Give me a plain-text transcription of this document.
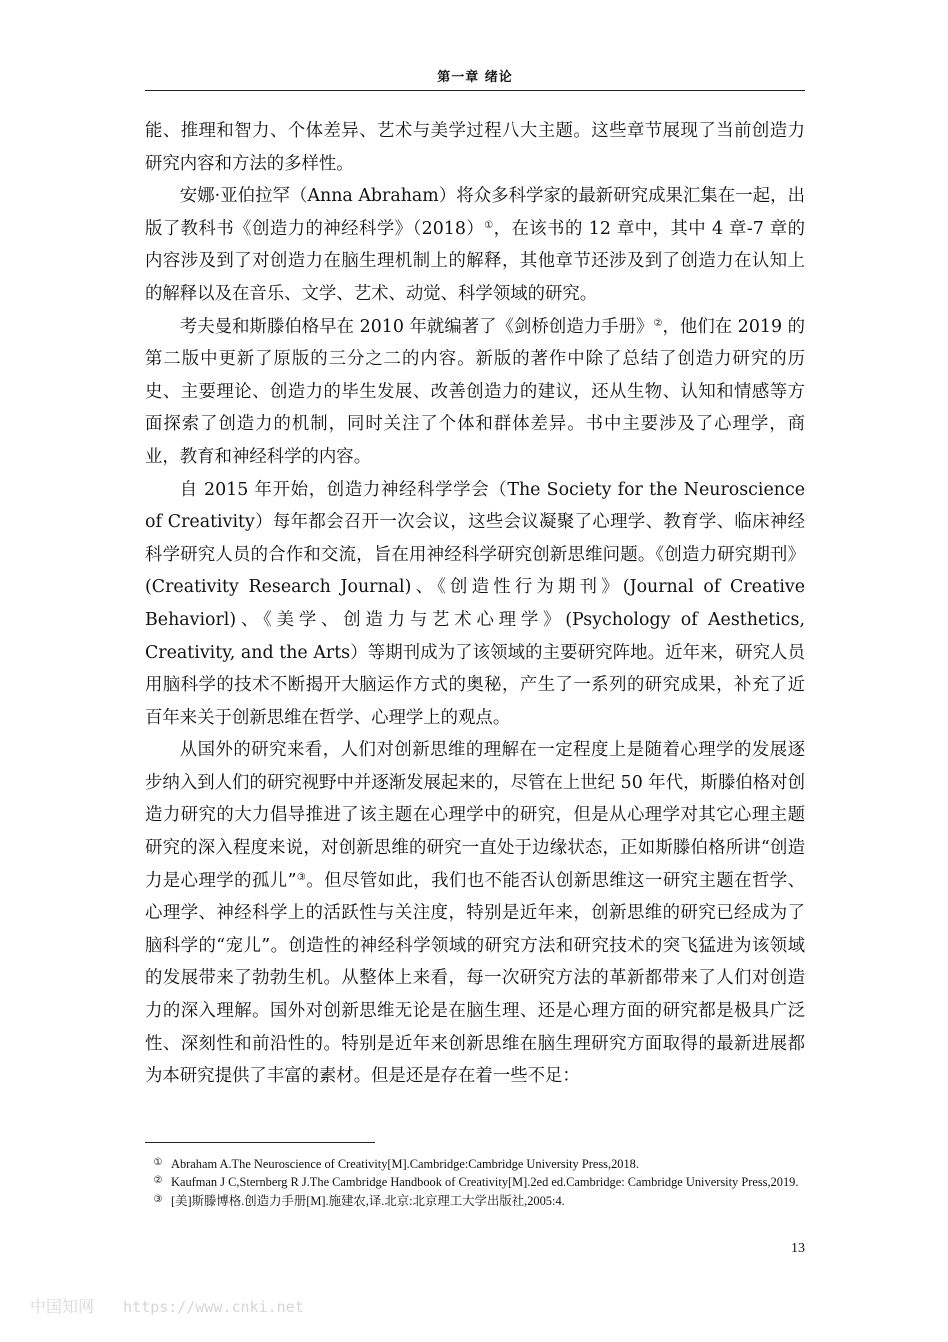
第一章 绪论

能、推理和智力、个体差异、艺术与美学过程八大主题。这些章节展现了当前创造力研究内容和方法的多样性。

安娜·亚伯拉罕（Anna Abraham）将众多科学家的最新研究成果汇集在一起，出版了教科书《创造力的神经科学》（2018）①，在该书的 12 章中，其中 4 章-7 章的内容涉及到了对创造力在脑生理机制上的解释，其他章节还涉及到了创造力在认知上的解释以及在音乐、文学、艺术、动觉、科学领域的研究。

考夫曼和斯滕伯格早在 2010 年就编著了《剑桥创造力手册》②，他们在 2019 的第二版中更新了原版的三分之二的内容。新版的著作中除了总结了创造力研究的历史、主要理论、创造力的毕生发展、改善创造力的建议，还从生物、认知和情感等方面探索了创造力的机制，同时关注了个体和群体差异。书中主要涉及了心理学，商业，教育和神经科学的内容。

自 2015 年开始，创造力神经科学学会（The Society for the Neuroscience of Creativity）每年都会召开一次会议，这些会议凝聚了心理学、教育学、临床神经科学研究人员的合作和交流，旨在用神经科学研究创新思维问题。《创造力研究期刊》(Creativity Research Journal)、《创造性行为期刊》(Journal of Creative Behaviorl)、《美学、创造力与艺术心理学》(Psychology of Aesthetics, Creativity, and the Arts）等期刊成为了该领域的主要研究阵地。近年来，研究人员用脑科学的技术不断揭开大脑运作方式的奥秘，产生了一系列的研究成果，补充了近百年来关于创新思维在哲学、心理学上的观点。

从国外的研究来看，人们对创新思维的理解在一定程度上是随着心理学的发展逐步纳入到人们的研究视野中并逐渐发展起来的，尽管在上世纪 50 年代，斯滕伯格对创造力研究的大力倡导推进了该主题在心理学中的研究，但是从心理学对其它心理主题研究的深入程度来说，对创新思维的研究一直处于边缘状态，正如斯滕伯格所讲“创造力是心理学的孤儿”③。但尽管如此，我们也不能否认创新思维这一研究主题在哲学、心理学、神经科学上的活跃性与关注度，特别是近年来，创新思维的研究已经成为了脑科学的“宠儿”。创造性的神经科学领域的研究方法和研究技术的突飞猛进为该领域的发展带来了勃勃生机。从整体上来看，每一次研究方法的革新都带来了人们对创造力的深入理解。国外对创新思维无论是在脑生理、还是心理方面的研究都是极具广泛性、深刻性和前沿性的。特别是近年来创新思维在脑生理研究方面取得的最新进展都为本研究提供了丰富的素材。但是还是存在着一些不足：

① Abraham A.The Neuroscience of Creativity[M].Cambridge:Cambridge University Press,2018.

② Kaufman J C,Sternberg R J.The Cambridge Handbook of Creativity[M].2ed ed.Cambridge: Cambridge University Press,2019.

③ [美]斯滕博格.创造力手册[M].施建农,译.北京:北京理工大学出版社,2005:4.

13
中国知网 https://www.cnki.net
